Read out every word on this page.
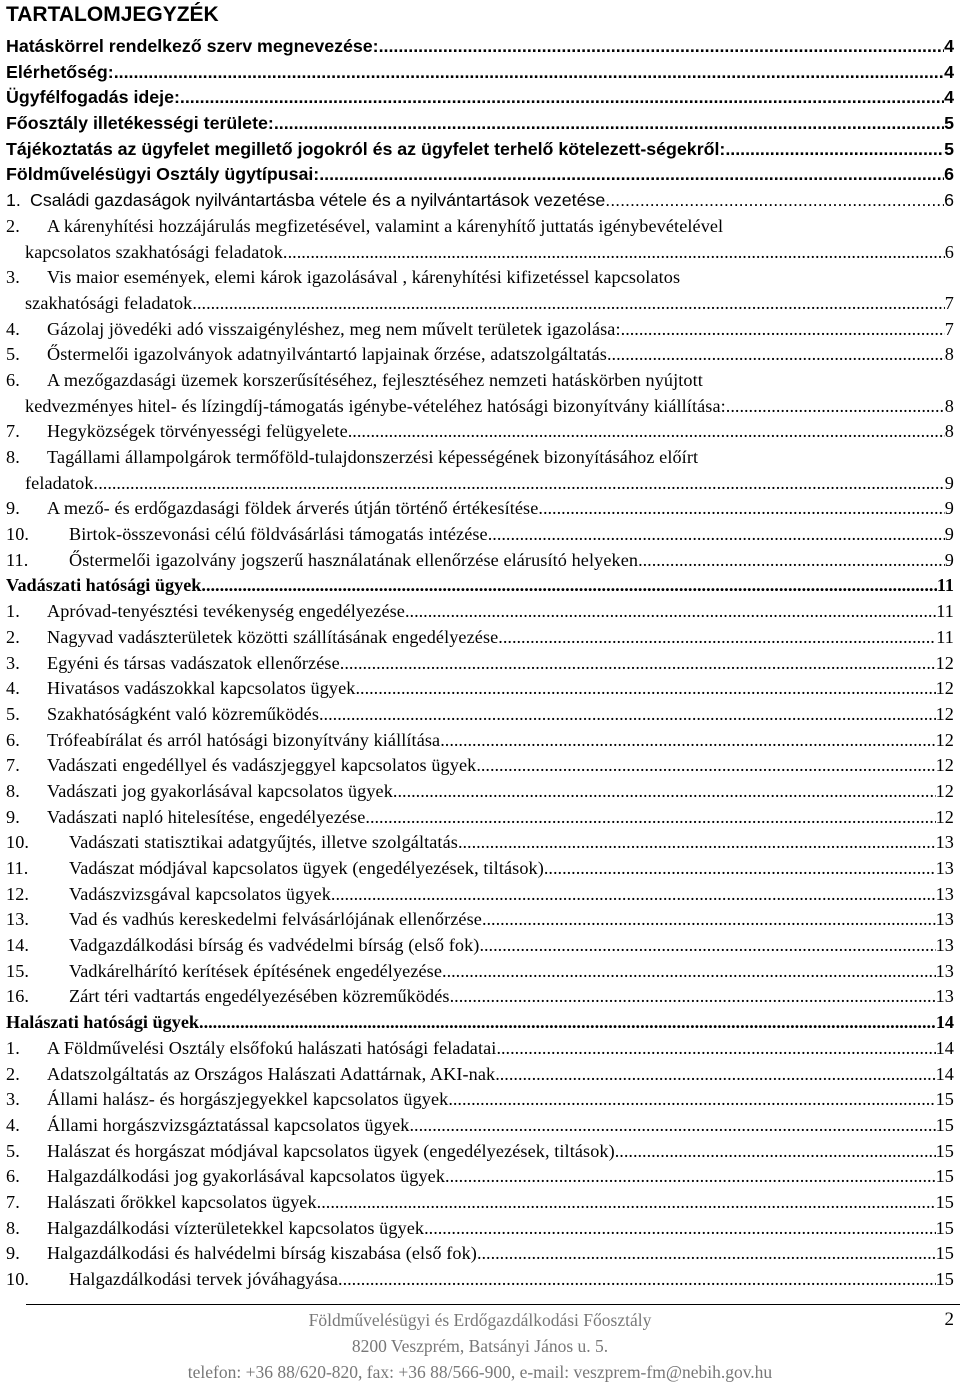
TARTALOMJEGYZÉK
Hatáskörrel rendelkező szerv megnevezése: .....	4
Elérhetőség: .....	4
Ügyfélfogadás ideje: .....	4
Főosztály illetékességi területe: .....	5
Tájékoztatás az ügyfelet megillető jogokról és az ügyfelet terhelő kötelezett-ségekről: .....	5
Földművelésügyi Osztály ügytípusai: .....	6
1. Családi gazdaságok nyilvántartásba vétele és a nyilvántartások vezetése .....	6
2.	A kárenyhítési hozzájárulás megfizetésével, valamint a kárenyhítő juttatás igénybevételével
kapcsolatos szakhatósági feladatok. .....	6
3.	Vis maior események, elemi károk igazolásával , kárenyhítési kifizetéssel kapcsolatos
szakhatósági feladatok. .....	7
4.	Gázolaj jövedéki adó visszaigényléshez, meg nem művelt területek igazolása: .....	7
5.	Őstermelői igazolványok adatnyilvántartó lapjainak őrzése, adatszolgáltatás .....	8
6.	A mezőgazdasági üzemek korszerűsítéséhez, fejlesztéséhez nemzeti hatáskörben nyújtott
kedvezményes hitel- és lízingdíj-támogatás igénybe-vételéhez hatósági bizonyítvány kiállítása: .....	8
7.	Hegyközségek törvényességi felügyelete .....	8
8.	Tagállami állampolgárok termőföld-tulajdonszerzési képességének bizonyításához előírt
feladatok. .....	9
9.	A mező- és erdőgazdasági földek árverés útján történő értékesítése .....	9
10.	Birtok-összevonási célú földvásárlási támogatás intézése .....	9
11.	Őstermelői igazolvány jogszerű használatának ellenőrzése elárusító helyeken .....	9
Vadászati hatósági ügyek .....	11
1.	Apróvad-tenyésztési tevékenység engedélyezése .....	11
2.	Nagyvad vadászterületek közötti szállításának engedélyezése .....	11
3.	Egyéni és társas vadászatok ellenőrzése .....	12
4.	Hivatásos vadászokkal kapcsolatos ügyek .....	12
5.	Szakhatóságként való közreműködés .....	12
6.	Trófeabírálat és arról hatósági bizonyítvány kiállítása .....	12
7.	Vadászati engedéllyel és vadászjeggyel kapcsolatos ügyek .....	12
8.	Vadászati jog gyakorlásával kapcsolatos ügyek .....	12
9.	Vadászati napló hitelesítése, engedélyezése .....	12
10.	Vadászati statisztikai adatgyűjtés, illetve szolgáltatás .....	13
11.	Vadászat módjával kapcsolatos ügyek (engedélyezések, tiltások) .....	13
12.	Vadászvizsgával kapcsolatos ügyek .....	13
13.	Vad és vadhús kereskedelmi felvásárlójának ellenőrzése .....	13
14.	Vadgazdálkodási bírság és vadvédelmi bírság (első fok) .....	13
15.	Vadkárelhárító kerítések építésének engedélyezése .....	13
16.	Zárt téri vadtartás engedélyezésében közreműködés .....	13
Halászati hatósági ügyek .....	14
1.	A Földművelési Osztály elsőfokú halászati hatósági feladatai .....	14
2.	Adatszolgáltatás az Országos Halászati Adattárnak, AKI-nak .....	14
3.	Állami halász- és horgászjegyekkel kapcsolatos ügyek .....	15
4.	Állami horgászvizsgáztatással kapcsolatos ügyek .....	15
5.	Halászat és horgászat módjával kapcsolatos ügyek (engedélyezések, tiltások) .....	15
6.	Halgazdálkodási jog gyakorlásával kapcsolatos ügyek .....	15
7.	Halászati őrökkel kapcsolatos ügyek .....	15
8.	Halgazdálkodási vízterületekkel kapcsolatos ügyek .....	15
9.	Halgazdálkodási és halvédelmi bírság kiszabása (első fok) .....	15
10.	Halgazdálkodási tervek jóváhagyása .....	15
2
Földművelésügyi és Erdőgazdálkodási Főosztály
8200 Veszprém, Batsányi János u. 5.
telefon: +36 88/620-820, fax: +36 88/566-900, e-mail: veszprem-fm@nebih.gov.hu
